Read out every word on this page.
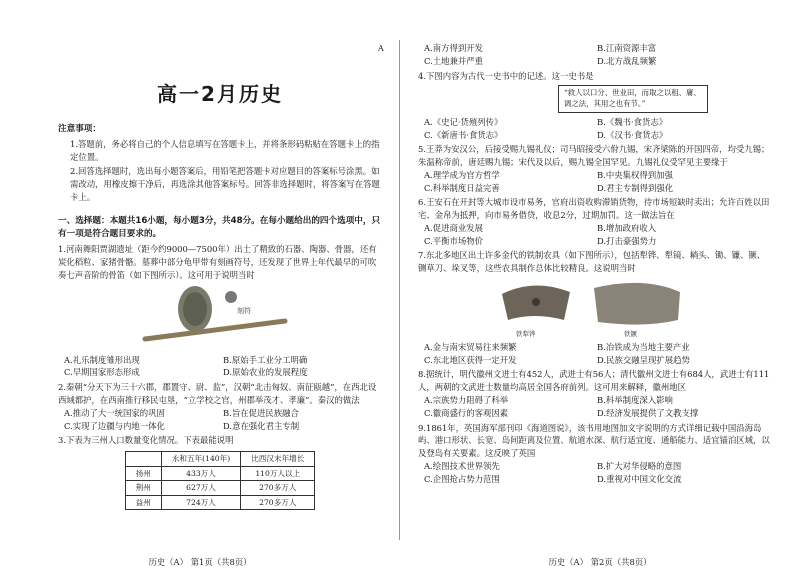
A
高一2月历史
注意事项：
1.答题前，务必将自己的个人信息填写在答题卡上，并将条形码粘贴在答题卡上的指定位置。
2.回答选择题时，选出每小题答案后，用铅笔把答题卡对应题目的答案标号涂黑。如需改动，用橡皮擦干净后，再选涂其他答案标号。回答非选择题时，将答案写在答题卡上。
一、选择题：本题共16小题，每小题3分，共48分。在每小题给出的四个选项中，只有一项是符合题目要求的。
1.河南舞阳贾湖遗址（距今约9000—7500年）出土了精致的石器、陶器、骨器，还有炭化稻粒、家猪骨骼。墓葬中部分龟甲带有刻画符号，还发现了世界上年代最早的可吹奏七声音阶的骨笛（如下图所示）。这可用于说明当时
刻符
A.礼乐制度雏形出现	B.原始手工业分工明确
C.早期国家形态形成	D.原始农业的发展程度
2.秦朝“分天下为三十六郡，郡置守、尉、监”，汉朝“北击匈奴、南征瓯越”，在西北设西域都护，在西南推行移民屯垦，“立学校之官，州郡举茂才、孝廉”。秦汉的做法
A.推动了大一统国家的巩固	B.旨在促进民族融合
C.实现了边疆与内地一体化	D.意在强化君主专制
3.下表为三州人口数量变化情况。下表最能说明
	永和五年(140年)	比西汉末年增长
扬州	433万人	110万人以上
荆州	627万人	270多万人
益州	724万人	270多万人
历史（A） 第1页（共8页）
A.南方得到开发	B.江南资源丰富
C.土地兼并严重	D.北方战乱频繁
4.下图内容为古代一史书中的记述。这一史书是
“救人以口分、世业田，而取之以租、庸、调之法，其用之也有节。”
A.《史记·货殖列传》	B.《魏书·食货志》
C.《新唐书·食货志》	D.《汉书·食货志》
5.王莽为安汉公，后接受赐九锡礼仪；司马昭接受六佾九锡，宋齐梁陈的开国四帝，均受九锡；朱温称帝前，唐廷赐九锡；宋代及以后，赐九锡全国罕见。九锡礼仪受罕见主要缘于
A.理学成为官方哲学	B.中央集权得到加强
C.科举制度日益完善	D.君主专制得到强化
6.王安石在开封等大城市设市易务，官府出资收购滞销货物，待市场短缺时卖出；允许百姓以田宅、金帛为抵押，向市易务借贷，收息2分，过期加罚。这一做法旨在
A.促进商业发展	B.增加政府收入
C.平衡市场物价	D.打击豪强势力
7.东北多地区出土许多金代的铁制农具（如下图所示），包括犁铧、犁镜、耥头、锄、镰、镢、铡草刀、垛叉等，这些农具制作总体比较精良。这说明当时
铁犁铧	铁镢
A.金与南宋贸易往来频繁	B.冶铁成为当地主要产业
C.东北地区获得一定开发	D.民族交融呈现扩展趋势
8.据统计，明代徽州文进士有452人，武进士有56人；清代徽州文进士有684人，武进士有111人，两朝的文武进士数量均高居全国各府前列。这可用来解释，徽州地区
A.宗族势力阻碍了科举	B.科举制度深入影响
C.徽商盛行的客观因素	D.经济发展提供了文教支撑
9.1861年，英国海军部刊印《海道图说》，该书用地图加文字说明的方式详细记载中国沿海岛屿、港口形状、长宽、岛间距离及位置、航道水深、航行适宜度、通船能力、适宜锚泊区域，以及登岛有关要素。这反映了英国
A.绘图技术世界领先	B.扩大对华侵略的意图
C.企图抢占势力范围	D.重视对中国文化交流
历史（A） 第2页（共8页）
